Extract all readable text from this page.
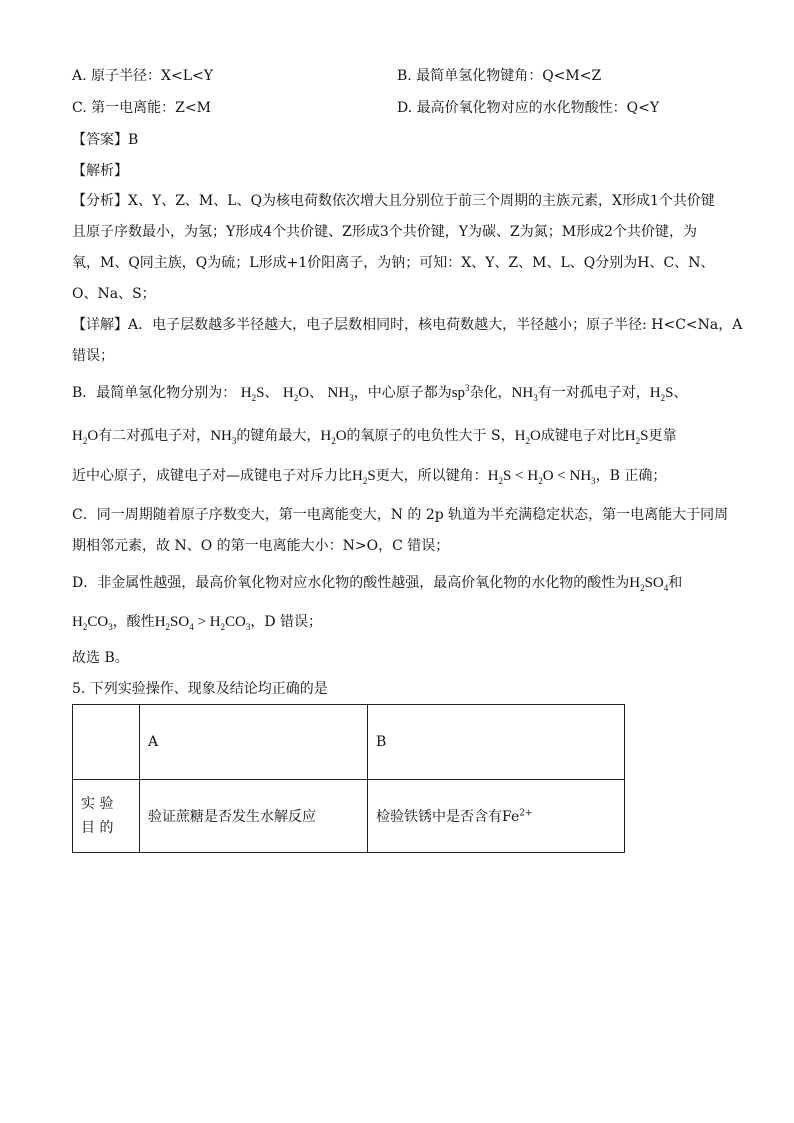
A. 原子半径：X<L<Y	B. 最简单氢化物键角：Q<M<Z
C. 第一电离能：Z<M	D. 最高价氧化物对应的水化物酸性：Q<Y
【答案】B
【解析】
【分析】X、Y、Z、M、L、Q为核电荷数依次增大且分别位于前三个周期的主族元素，X形成1个共价键
且原子序数最小，为氢；Y形成4个共价键、Z形成3个共价键，Y为碳、Z为氮；M形成2个共价键，为
氧，M、Q同主族，Q为硫；L形成+1价阳离子，为钠；可知：X、Y、Z、M、L、Q分别为H、C、N、
O、Na、S；
【详解】A．电子层数越多半径越大，电子层数相同时，核电荷数越大，半径越小；原子半径: H<C<Na，A
错误；
B．最简单氢化物分别为： $H_2S$、 $H_2O$、 $NH_3$，中心原子都为$sp^3$杂化，$NH_3$有一对孤电子对，$H_2S$、
$H_2O$有二对孤电子对，$NH_3$的键角最大，$H_2O$的氧原子的电负性大于 S，$H_2O$成键电子对比$H_2S$更靠
近中心原子，成键电子对—成键电子对斥力比$H_2S$更大，所以键角：$H_2S < H_2O < NH_3$，B 正确；
C．同一周期随着原子序数变大，第一电离能变大，N 的 2p 轨道为半充满稳定状态，第一电离能大于同周
期相邻元素，故 N、O 的第一电离能大小：N>O，C 错误；
D．非金属性越强，最高价氧化物对应水化物的酸性越强，最高价氧化物的水化物的酸性为$H_2SO_4$和
$H_2CO_3$，酸性$H_2SO_4 > H_2CO_3$，D 错误；
故选 B。
5. 下列实验操作、现象及结论均正确的是
	A	B
实 验 目 的	验证蔗糖是否发生水解反应	检验铁锈中是否含有$Fe^{2+}$
